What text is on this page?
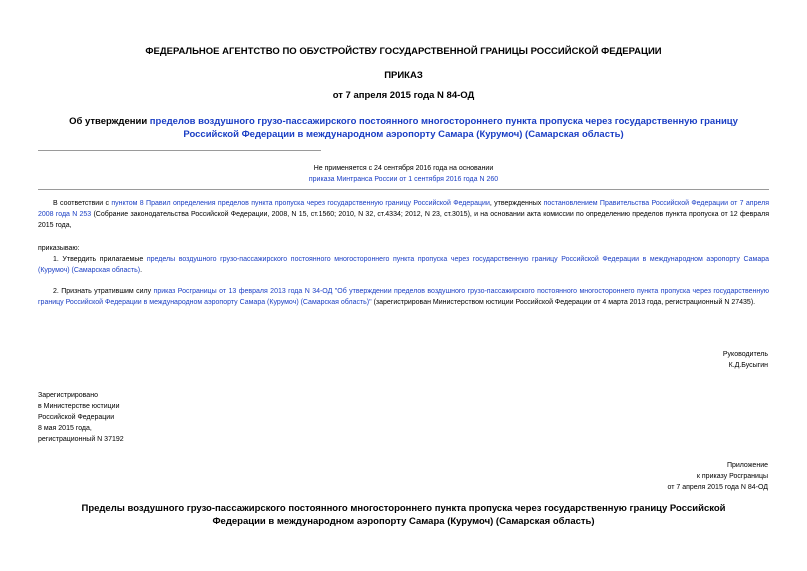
ФЕДЕРАЛЬНОЕ АГЕНТСТВО ПО ОБУСТРОЙСТВУ ГОСУДАРСТВЕННОЙ ГРАНИЦЫ РОССИЙСКОЙ ФЕДЕРАЦИИ
ПРИКАЗ
от 7 апреля 2015 года N 84-ОД
Об утверждении пределов воздушного грузо-пассажирского постоянного многостороннего пункта пропуска через государственную границу Российской Федерации в международном аэропорту Самара (Курумоч) (Самарская область)
Не применяется с 24 сентября 2016 года на основании
приказа Минтранса России от 1 сентября 2016 года N 260
В соответствии с пунктом 8 Правил определения пределов пункта пропуска через государственную границу Российской Федерации, утвержденных постановлением Правительства Российской Федерации от 7 апреля 2008 года N 253 (Собрание законодательства Российской Федерации, 2008, N 15, ст.1560; 2010, N 32, ст.4334; 2012, N 23, ст.3015), и на основании акта комиссии по определению пределов пункта пропуска от 12 февраля 2015 года,
приказываю:
1. Утвердить прилагаемые пределы воздушного грузо-пассажирского постоянного многостороннего пункта пропуска через государственную границу Российской Федерации в международном аэропорту Самара (Курумоч) (Самарская область).
2. Признать утратившим силу приказ Росграницы от 13 февраля 2013 года N 34-ОД "Об утверждении пределов воздушного грузо-пассажирского постоянного многостороннего пункта пропуска через государственную границу Российской Федерации в международном аэропорту Самара (Курумоч) (Самарская область)" (зарегистрирован Министерством юстиции Российской Федерации от 4 марта 2013 года, регистрационный N 27435).
Руководитель
К.Д.Бусыгин
Зарегистрировано
в Министерстве юстиции
Российской Федерации
8 мая 2015 года,
регистрационный N 37192
Приложение
к приказу Росграницы
от 7 апреля 2015 года N 84-ОД
Пределы воздушного грузо-пассажирского постоянного многостороннего пункта пропуска через государственную границу Российской Федерации в международном аэропорту Самара (Курумоч) (Самарская область)
